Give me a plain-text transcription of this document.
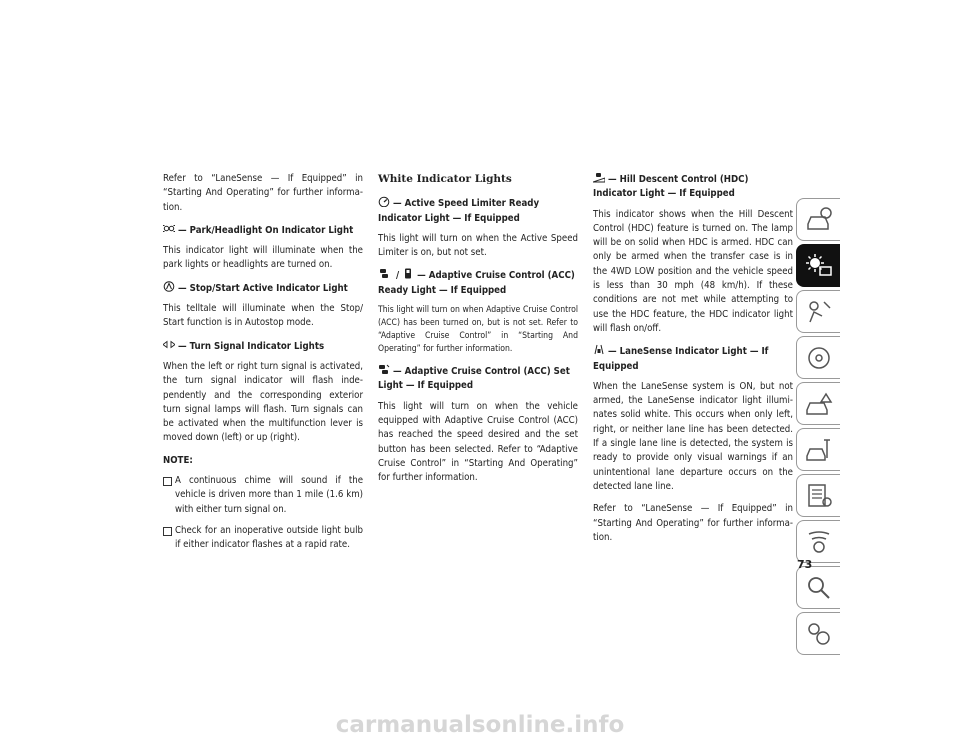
Refer to “LaneSense — If Equipped” in “Starting And Operating” for further information.

— Park/Headlight On Indicator Light

This indicator light will illuminate when the park lights or headlights are turned on.

— Stop/Start Active Indicator Light

This telltale will illuminate when the Stop/ Start function is in Autostop mode.

— Turn Signal Indicator Lights

When the left or right turn signal is activated, the turn signal indicator will flash independently and the corresponding exterior turn signal lamps will flash. Turn signals can be activated when the multifunction lever is moved down (left) or up (right).

NOTE:
A continuous chime will sound if the vehicle is driven more than 1 mile (1.6 km) with either turn signal on.
Check for an inoperative outside light bulb if either indicator flashes at a rapid rate.
White Indicator Lights
— Active Speed Limiter Ready Indicator Light — If Equipped

This light will turn on when the Active Speed Limiter is on, but not set.

/
— Adaptive Cruise Control (ACC) Ready Light — If Equipped

This light will turn on when Adaptive Cruise Control (ACC) has been turned on, but is not set. Refer to “Adaptive Cruise Control” in “Starting And Operating” for further information.

— Adaptive Cruise Control (ACC) Set Light — If Equipped

This light will turn on when the vehicle equipped with Adaptive Cruise Control (ACC) has reached the speed desired and the set button has been selected. Refer to “Adaptive Cruise Control” in “Starting And Operating” for further information.

— Hill Descent Control (HDC) Indicator Light — If Equipped

This indicator shows when the Hill Descent Control (HDC) feature is turned on. The lamp will be on solid when HDC is armed. HDC can only be armed when the transfer case is in the 4WD LOW position and the vehicle speed is less than 30 mph (48 km/h). If these conditions are not met while attempting to use the HDC feature, the HDC indicator light will flash on/off.

— LaneSense Indicator Light — If Equipped

When the LaneSense system is ON, but not armed, the LaneSense indicator light illuminates solid white. This occurs when only left, right, or neither lane line has been detected. If a single lane line is detected, the system is ready to provide only visual warnings if an unintentional lane departure occurs on the detected lane line.

Refer to “LaneSense — If Equipped” in “Starting And Operating” for further information.

73
carmanualsonline.info
